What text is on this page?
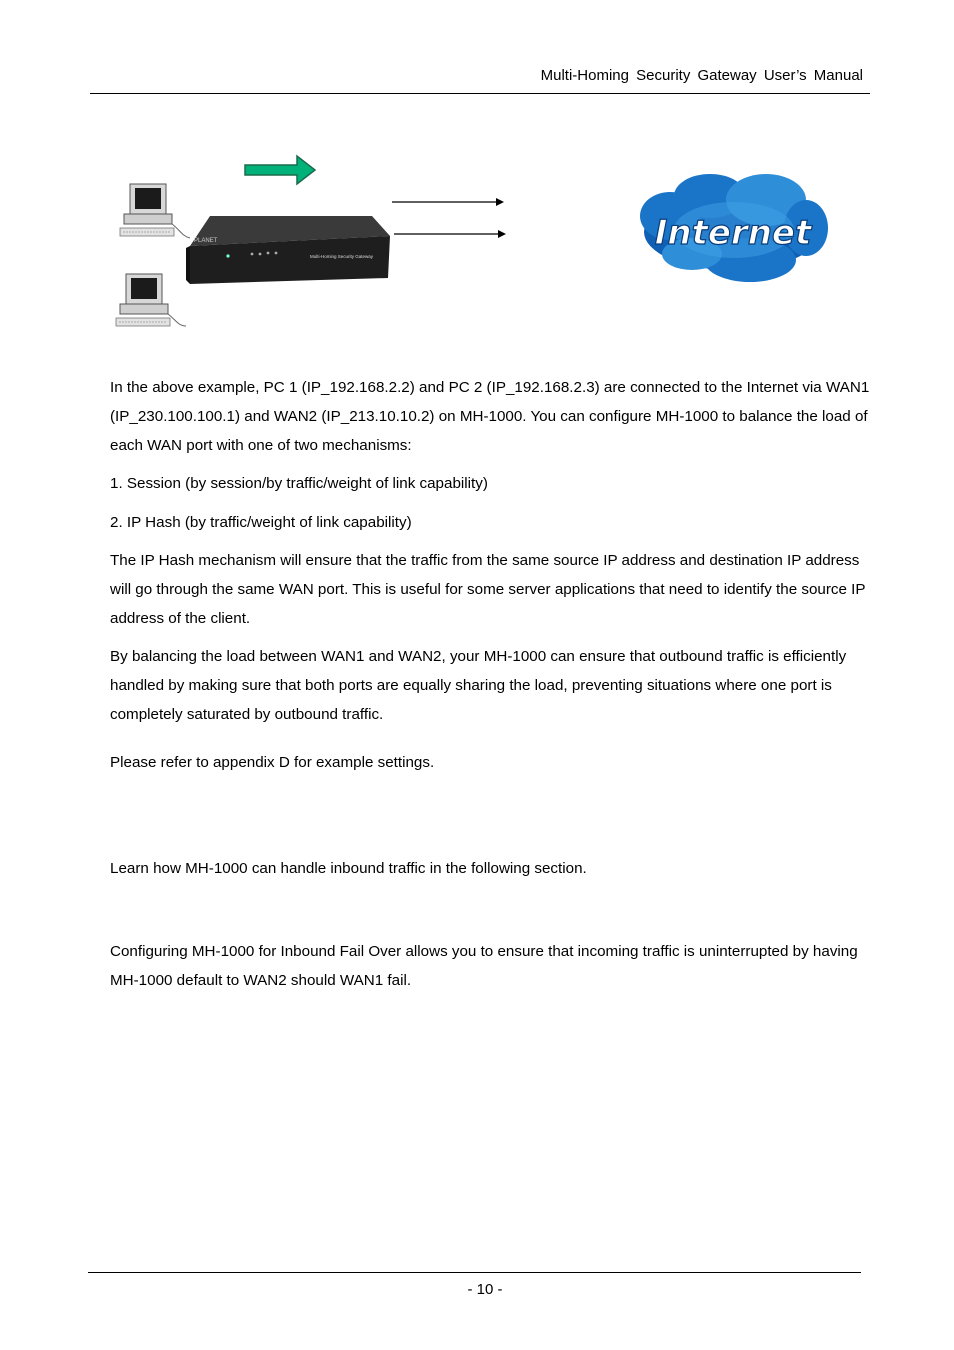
Multi-Homing Security Gateway User’s Manual
PLANET
Multi-Homing Security Gateway
Internet

In the above example, PC 1 (IP_192.168.2.2) and PC 2 (IP_192.168.2.3) are connected to the Internet via WAN1 (IP_230.100.100.1) and WAN2 (IP_213.10.10.2) on MH-1000. You can configure MH-1000 to balance the load of each WAN port with one of two mechanisms:

1. Session (by session/by traffic/weight of link capability)

2. IP Hash (by traffic/weight of link capability)

The IP Hash mechanism will ensure that the traffic from the same source IP address and destination IP address will go through the same WAN port. This is useful for some server applications that need to identify the source IP address of the client.

By balancing the load between WAN1 and WAN2, your MH-1000 can ensure that outbound traffic is efficiently handled by making sure that both ports are equally sharing the load, preventing situations where one port is completely saturated by outbound traffic.

Please refer to appendix D for example settings.

Learn how MH-1000 can handle inbound traffic in the following section.

Configuring MH-1000 for Inbound Fail Over allows you to ensure that incoming traffic is uninterrupted by having MH-1000 default to WAN2 should WAN1 fail.

- 10 -
